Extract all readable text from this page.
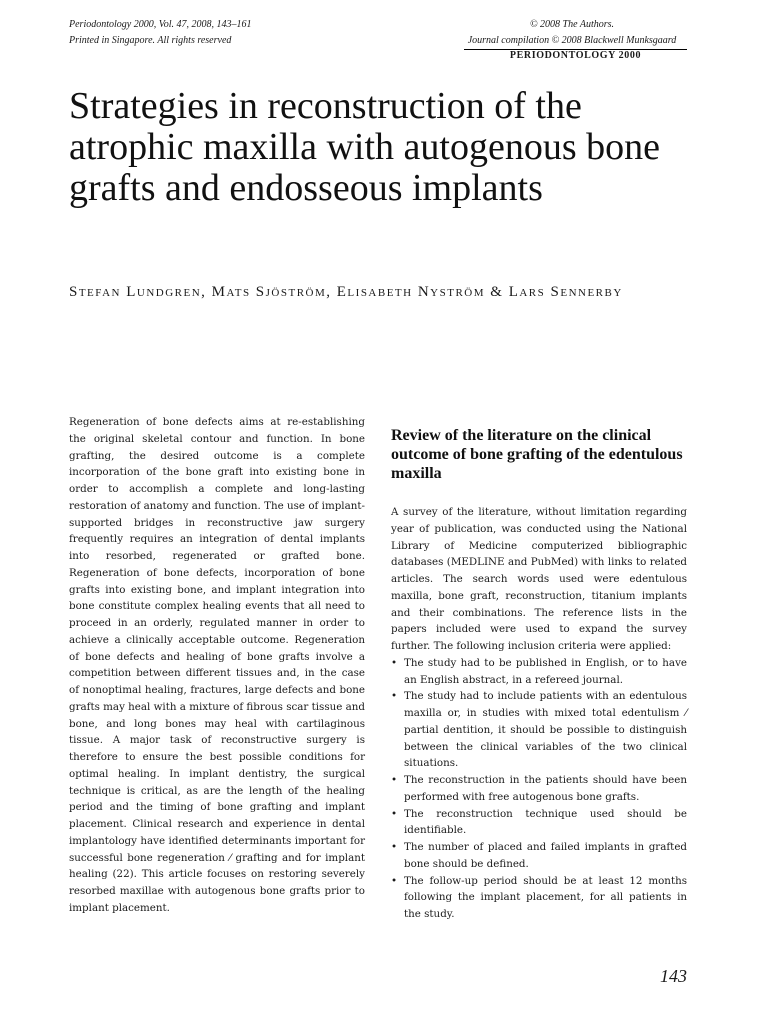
Periodontology 2000, Vol. 47, 2008, 143–161
Printed in Singapore. All rights reserved
© 2008 The Authors.
Journal compilation © 2008 Blackwell Munksgaard
PERIODONTOLOGY 2000
Strategies in reconstruction of the atrophic maxilla with autogenous bone grafts and endosseous implants
Stefan Lundgren, Mats Sjöström, Elisabeth Nyström & Lars Sennerby

Regeneration of bone defects aims at re-establishing the original skeletal contour and function. In bone grafting, the desired outcome is a complete incorporation of the bone graft into existing bone in order to accomplish a complete and long-lasting restoration of anatomy and function. The use of implant-supported bridges in reconstructive jaw surgery frequently requires an integration of dental implants into resorbed, regenerated or grafted bone. Regeneration of bone defects, incorporation of bone grafts into existing bone, and implant integration into bone constitute complex healing events that all need to proceed in an orderly, regulated manner in order to achieve a clinically acceptable outcome. Regeneration of bone defects and healing of bone grafts involve a competition between different tissues and, in the case of nonoptimal healing, fractures, large defects and bone grafts may heal with a mixture of fibrous scar tissue and bone, and long bones may heal with cartilaginous tissue. A major task of reconstructive surgery is therefore to ensure the best possible conditions for optimal healing. In implant dentistry, the surgical technique is critical, as are the length of the healing period and the timing of bone grafting and implant placement. Clinical research and experience in dental implantology have identified determinants important for successful bone regeneration ⁄ grafting and for implant healing (22). This article focuses on restoring severely resorbed maxillae with autogenous bone grafts prior to implant placement.

Review of the literature on the clinical outcome of bone grafting of the edentulous maxilla

A survey of the literature, without limitation regarding year of publication, was conducted using the National Library of Medicine computerized bibliographic databases (MEDLINE and PubMed) with links to related articles. The search words used were edentulous maxilla, bone graft, reconstruction, titanium implants and their combinations. The reference lists in the papers included were used to expand the survey further. The following inclusion criteria were applied:

• The study had to be published in English, or to have an English abstract, in a refereed journal.
• The study had to include patients with an edentulous maxilla or, in studies with mixed total edentulism ⁄ partial dentition, it should be possible to distinguish between the clinical variables of the two clinical situations.
• The reconstruction in the patients should have been performed with free autogenous bone grafts.
• The reconstruction technique used should be identifiable.
• The number of placed and failed implants in grafted bone should be defined.
• The follow-up period should be at least 12 months following the implant placement, for all patients in the study.
143
